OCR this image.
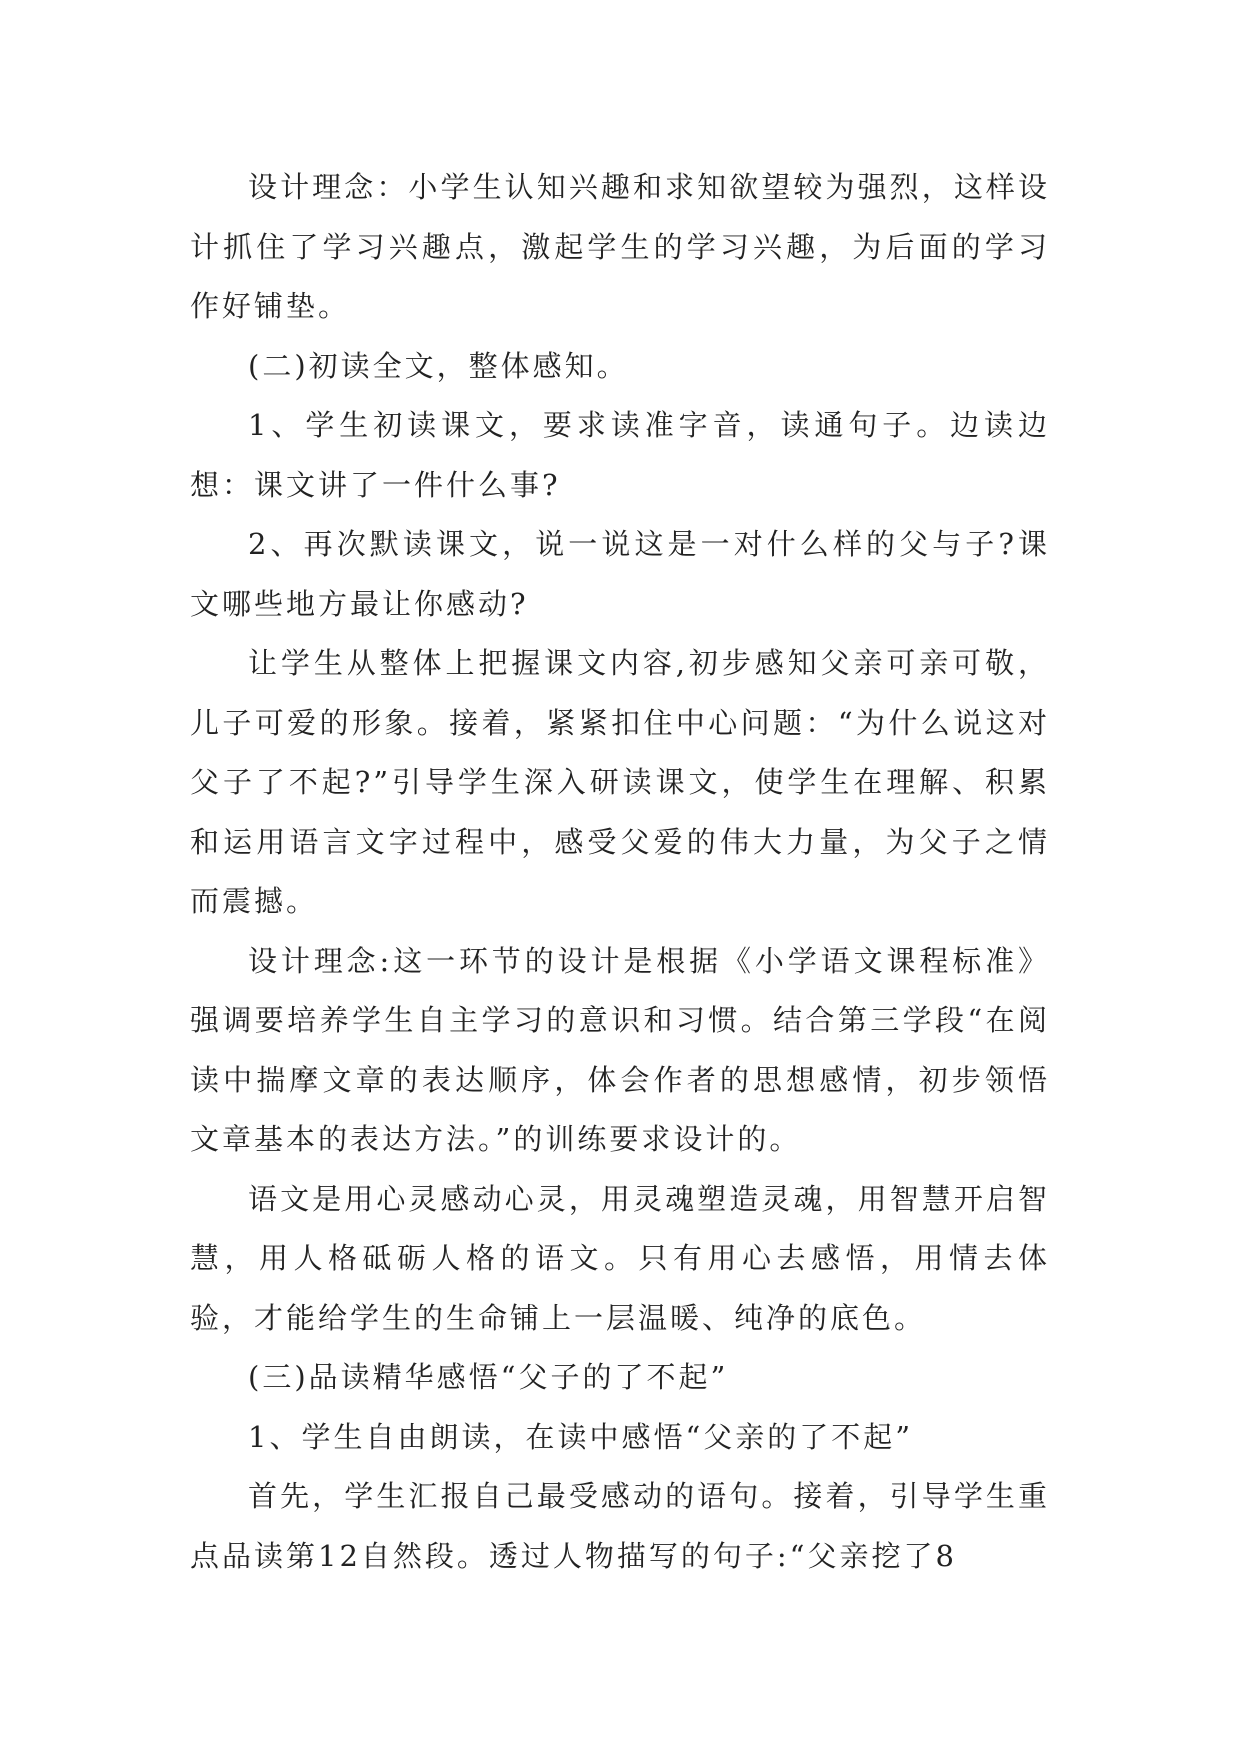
设计理念：小学生认知兴趣和求知欲望较为强烈，这样设计抓住了学习兴趣点，激起学生的学习兴趣，为后面的学习作好铺垫。

(二)初读全文，整体感知。

1、学生初读课文，要求读准字音，读通句子。边读边想：课文讲了一件什么事?

2、再次默读课文，说一说这是一对什么样的父与子?课文哪些地方最让你感动?

让学生从整体上把握课文内容,初步感知父亲可亲可敬，儿子可爱的形象。接着，紧紧扣住中心问题：“为什么说这对父子了不起?”引导学生深入研读课文，使学生在理解、积累和运用语言文字过程中，感受父爱的伟大力量，为父子之情而震撼。

设计理念:这一环节的设计是根据《小学语文课程标准》强调要培养学生自主学习的意识和习惯。结合第三学段“在阅读中揣摩文章的表达顺序，体会作者的思想感情，初步领悟文章基本的表达方法。”的训练要求设计的。

语文是用心灵感动心灵，用灵魂塑造灵魂，用智慧开启智慧，用人格砥砺人格的语文。只有用心去感悟，用情去体验，才能给学生的生命铺上一层温暖、纯净的底色。

(三)品读精华感悟“父子的了不起”

1、学生自由朗读，在读中感悟“父亲的了不起”

首先，学生汇报自己最受感动的语句。接着，引导学生重点品读第12自然段。透过人物描写的句子:“父亲挖了8
